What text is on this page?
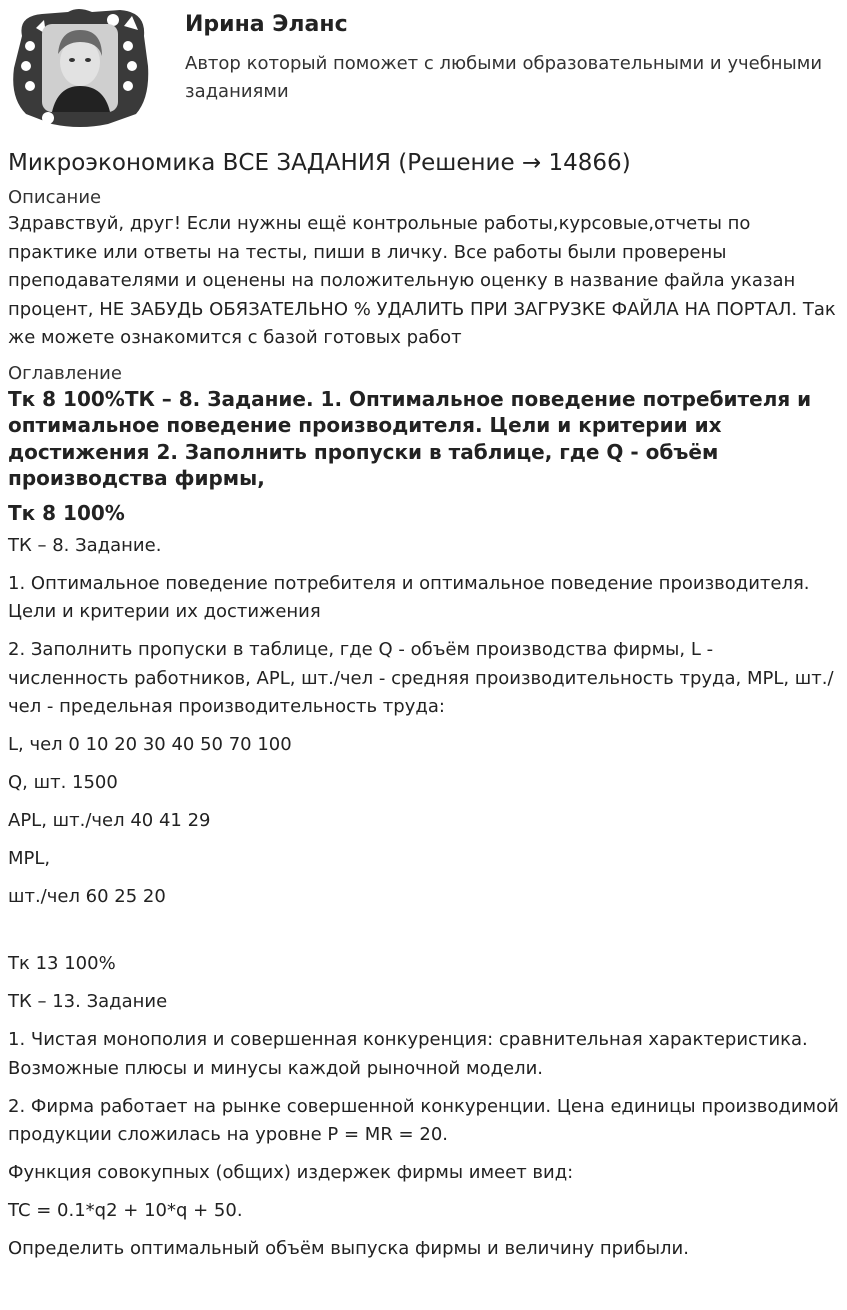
Ирина Эланс
Автор который поможет с любыми образовательными и учебными заданиями
Микроэкономика ВСЕ ЗАДАНИЯ (Решение → 14866)
Описание

Здравствуй, друг! Если нужны ещё контрольные работы,курсовые,отчеты по практике или ответы на тесты, пиши в личку. Все работы были проверены преподавателями и оценены на положительную оценку в название файла указан процент, НЕ ЗАБУДЬ ОБЯЗАТЕЛЬНО % УДАЛИТЬ ПРИ ЗАГРУЗКЕ ФАЙЛА НА ПОРТАЛ. Так же можете ознакомится с базой готовых работ

Оглавление
Тк 8 100%ТК – 8. Задание. 1. Оптимальное поведение потребителя и оптимальное поведение производителя. Цели и критерии их достижения 2. Заполнить пропуски в таблице, где Q - объём производства фирмы,
Тк 8 100%

ТК – 8. Задание.

1. Оптимальное поведение потребителя и оптимальное поведение производителя. Цели и критерии их достижения

2. Заполнить пропуски в таблице, где Q - объём производства фирмы, L - численность работников, APL, шт./чел - средняя производительность труда, MPL, шт./чел - предельная производительность труда:

L, чел 0 10 20 30 40 50 70 100

Q, шт. 1500

APL, шт./чел 40 41 29

MPL,

шт./чел 60 25 20

Тк 13 100%

ТК – 13. Задание

1. Чистая монополия и совершенная конкуренция: сравнительная характеристика. Возможные плюсы и минусы каждой рыночной модели.

2. Фирма работает на рынке совершенной конкуренции. Цена единицы производимой продукции сложилась на уровне P = MR = 20.

Функция совокупных (общих) издержек фирмы имеет вид:

TC = 0.1*q2 + 10*q + 50.

Определить оптимальный объём выпуска фирмы и величину прибыли.
